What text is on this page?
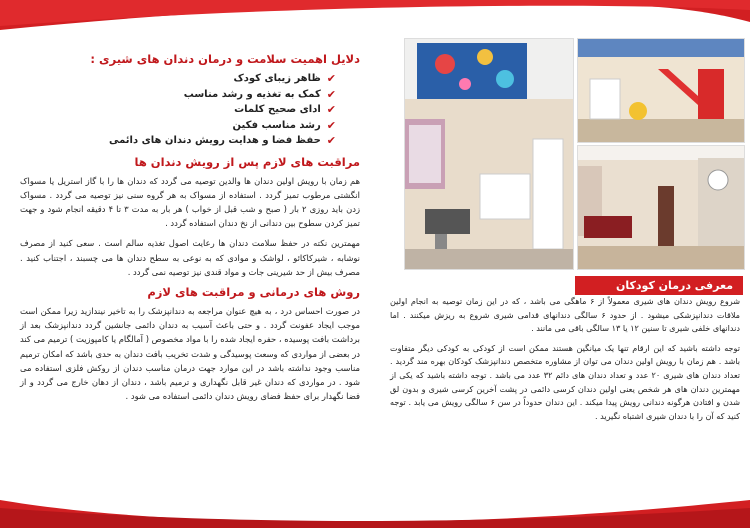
دلایل اهمیت سلامت و درمان دندان های شیری :
✔
ظاهر زیبای کودک
✔
کمک به تغذیه و رشد مناسب
✔
ادای صحیح کلمات
✔
رشد مناسب فکین
✔
حفظ فضا و هدایت رویش دندان های دائمی
مراقبت های لازم پس از رویش دندان ها

هم زمان با رویش اولین دندان ها والدین توصیه می گردد که دندان ها را با گاز استریل یا مسواک انگشتی مرطوب تمیز گردد . استفاده از مسواک به هر گروه سنی نیز توصیه می گردد . مسواک زدن باید روزی ۲ بار ( صبح و شب قبل از خواب ) هر بار به مدت ۳ تا ۴ دقیقه انجام شود و جهت تمیز کردن سطوح بین دندانی از نخ دندان استفاده گردد .

مهمترین نکته در حفظ سلامت دندان ها رعایت اصول تغذیه سالم است . سعی کنید از مصرف نوشابه ، شیرکاکائو ، لواشک و موادی که به نوعی به سطح دندان ها می چسبند ، اجتناب کنید . مصرف بیش از حد شیرینی جات و مواد قندی نیز توصیه نمی گردد .

روش های درمانی و مراقبت های لازم

در صورت احساس درد ، به هیچ عنوان مراجعه به دندانپزشک را به تاخیر نیندازید زیرا ممکن است موجب ایجاد عفونت گردد . و حتی باعث آسیب به دندان دائمی جانشین گردد دندانپزشک بعد از برداشت بافت پوسیده ، حفره ایجاد شده را با مواد مخصوص ( آمالگام یا کامپوزیت ) ترمیم می کند در بعضی از مواردی که وسعت پوسیدگی و شدت تخریب بافت دندان به حدی باشد که امکان ترمیم مناسب وجود نداشته باشد در این موارد جهت درمان مناسب دندان از روکش فلزی استفاده می شود . در مواردی که دندان غیر قابل نگهداری و ترمیم باشد ، دندان از دهان خارج می گردد و از فضا نگهدار برای حفظ فضای رویش دندان دائمی استفاده می شود .

معرفی درمان کودکان

شروع رویش دندان های شیری معمولاً از ۶ ماهگی می باشد ، که در این زمان توصیه به انجام اولین ملاقات دندانپزشکی میشود . از حدود ۶ سالگی دندانهای قدامی شیری شروع به ریزش میکنند . اما دندانهای خلفی شیری تا سنین ۱۲ یا ۱۳ سالگی باقی می مانند .

توجه داشته باشید که این ارقام تنها یک میانگین هستند ممکن است از کودکی به کودکی دیگر متفاوت باشد . هم زمان با رویش اولین دندان می توان از مشاوره متخصص دندانپزشک کودکان بهره مند گردید . تعداد دندان های شیری ۲۰ عدد و تعداد دندان های دائم ۳۲ عدد می باشد . توجه داشته باشید که یکی از مهمترین دندان های هر شخص یعنی اولین دندان کرسی دائمی در پشت آخرین کرسی شیری و بدون لق شدن و افتادن هرگونه دندانی رویش پیدا میکند . این دندان حدوداً در سن ۶ سالگی رویش می یابد . توجه کنید که آن را با دندان شیری اشتباه نگیرید .
